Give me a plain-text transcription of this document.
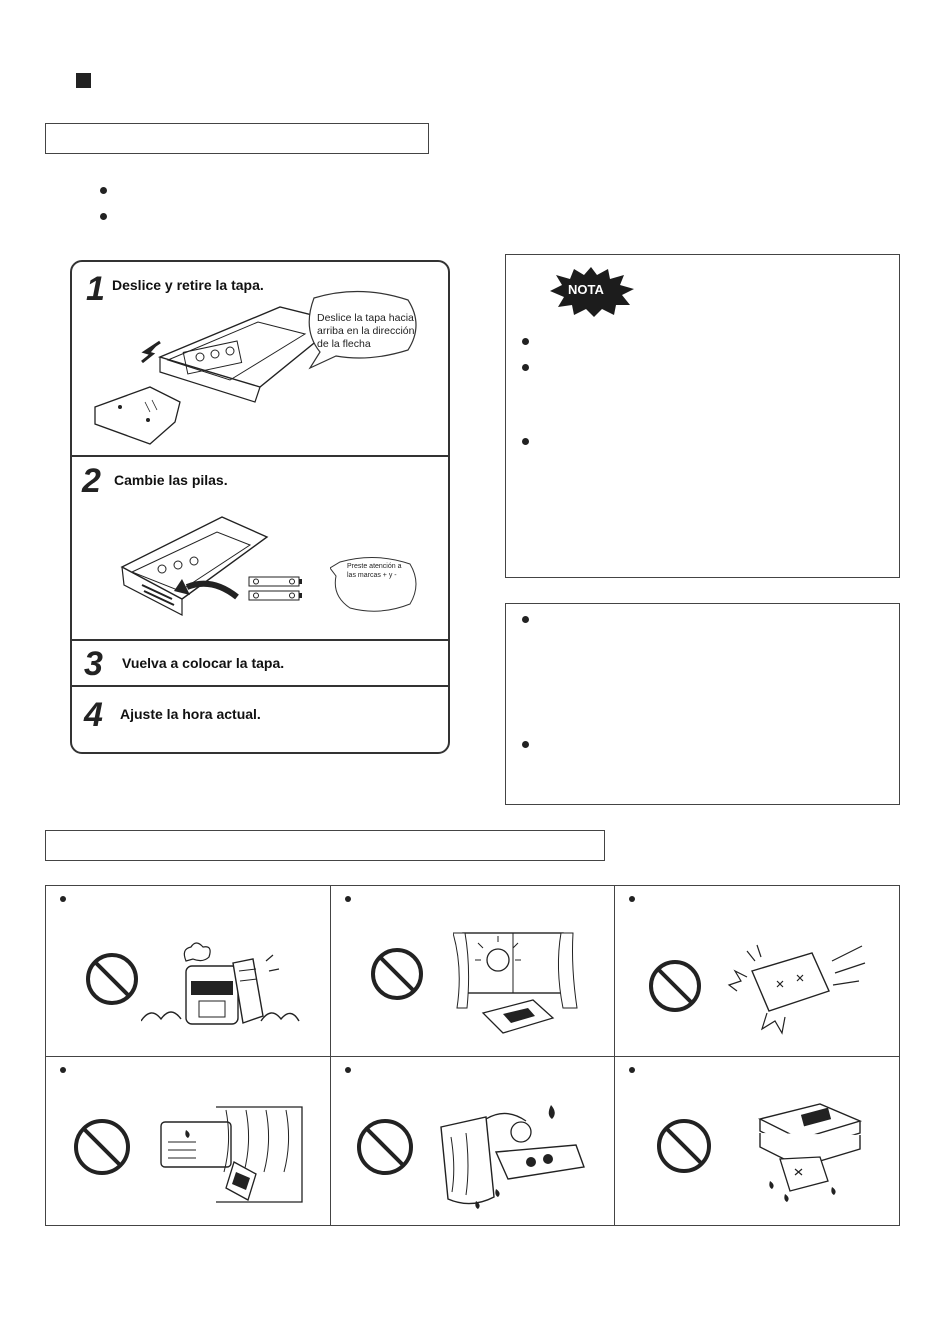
1 Deslice y retire la tapa.
Deslice la tapa hacia arriba en la dirección de la flecha
2 Cambie las pilas.
Preste atención a las marcas + y -
3 Vuelva a colocar la tapa.
4 Ajuste la hora actual.
NOTA
